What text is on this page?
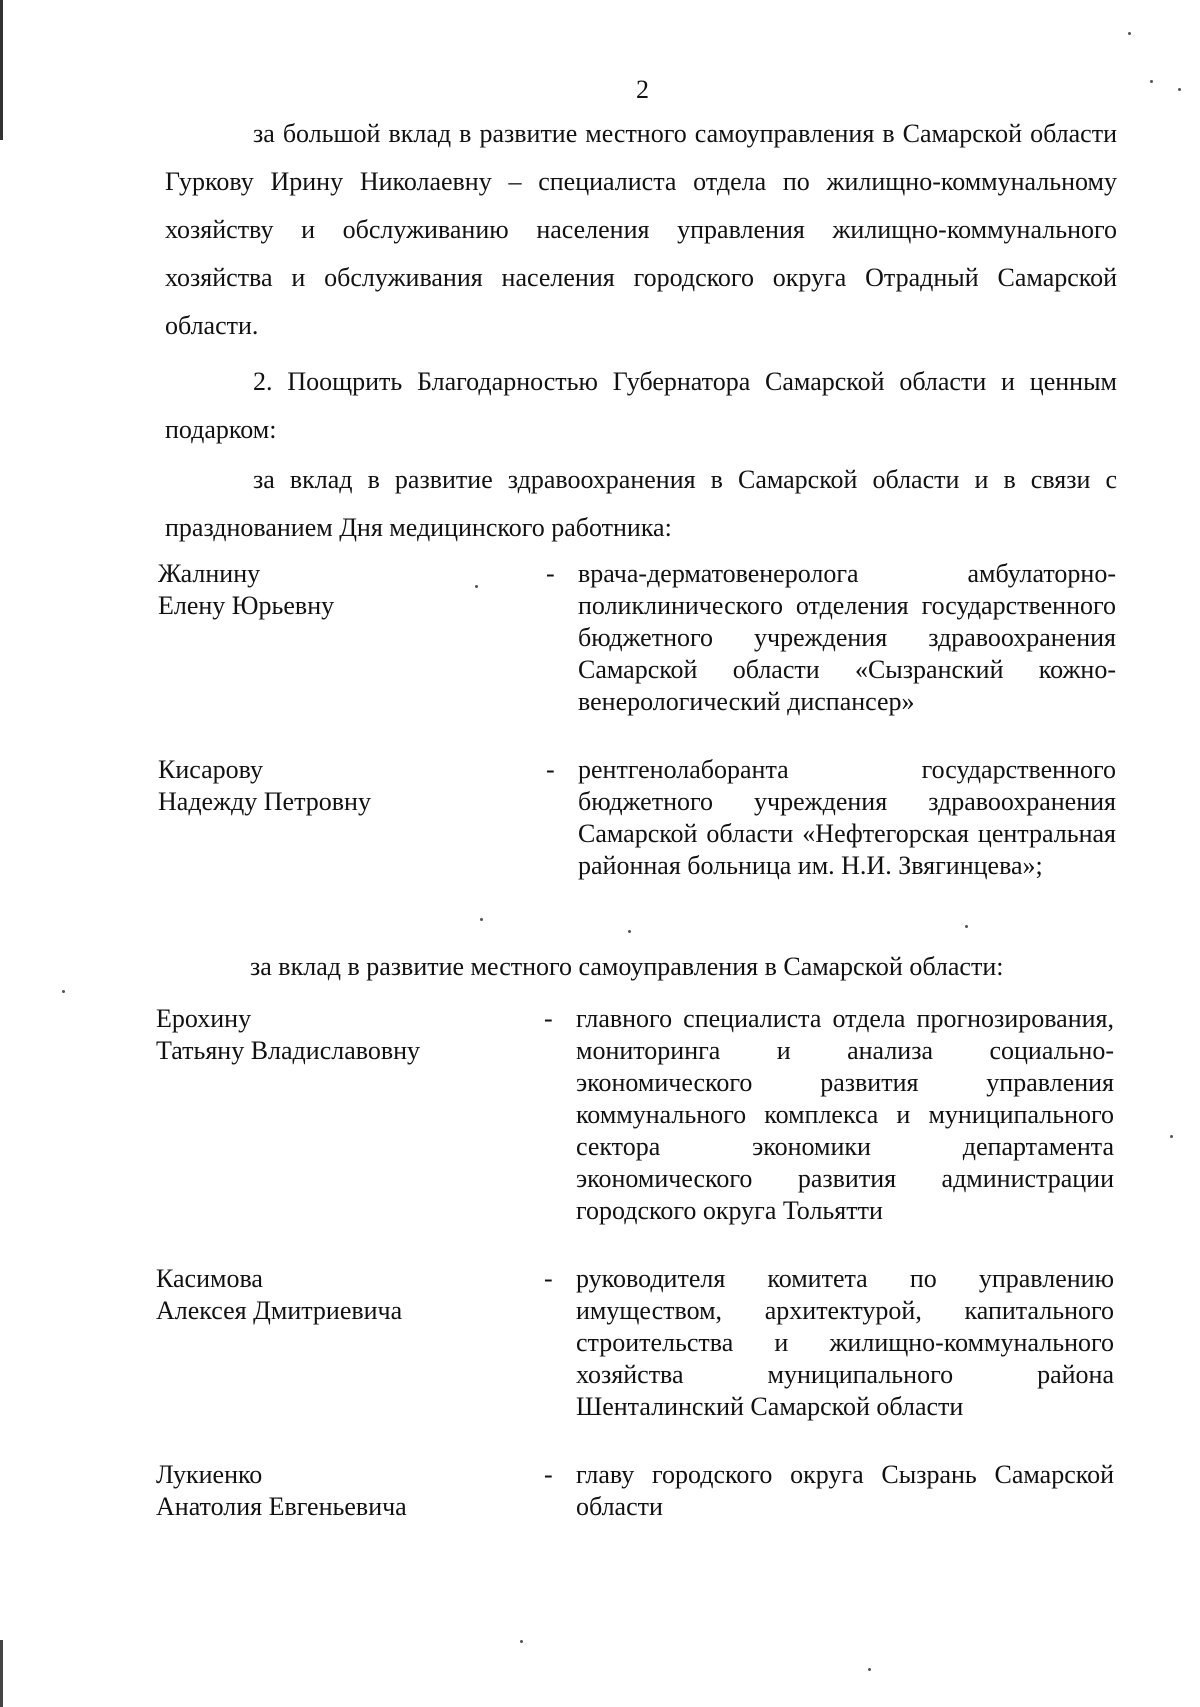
2

за большой вклад в развитие местного самоуправления в Самарской области Гуркову Ирину Николаевну – специалиста отдела по жилищно-коммунальному хозяйству и обслуживанию населения управления жилищно-коммунального хозяйства и обслуживания населения городского округа Отрадный Самарской области.

2. Поощрить Благодарностью Губернатора Самарской области и ценным подарком:

за вклад в развитие здравоохранения в Самарской области и в связи с празднованием Дня медицинского работника:

Жалнину
Елену Юрьевну
- врача-дерматовенеролога амбулаторно-поликлинического отделения государственного бюджетного учреждения здравоохранения Самарской области «Сызранский кожно-венерологический диспансер»

Кисарову
Надежду Петровну
- рентгенолаборанта государственного бюджетного учреждения здравоохранения Самарской области «Нефтегорская центральная районная больница им. Н.И. Звягинцева»;

за вклад в развитие местного самоуправления в Самарской области:

Ерохину
Татьяну Владиславовну
- главного специалиста отдела прогнозирования, мониторинга и анализа социально-экономического развития управления коммунального комплекса и муниципального сектора экономики департамента экономического развития администрации городского округа Тольятти

Касимова
Алексея Дмитриевича
- руководителя комитета по управлению имуществом, архитектурой, капитального строительства и жилищно-коммунального хозяйства муниципального района Шенталинский Самарской области

Лукиенко
Анатолия Евгеньевича
- главу городского округа Сызрань Самарской области
